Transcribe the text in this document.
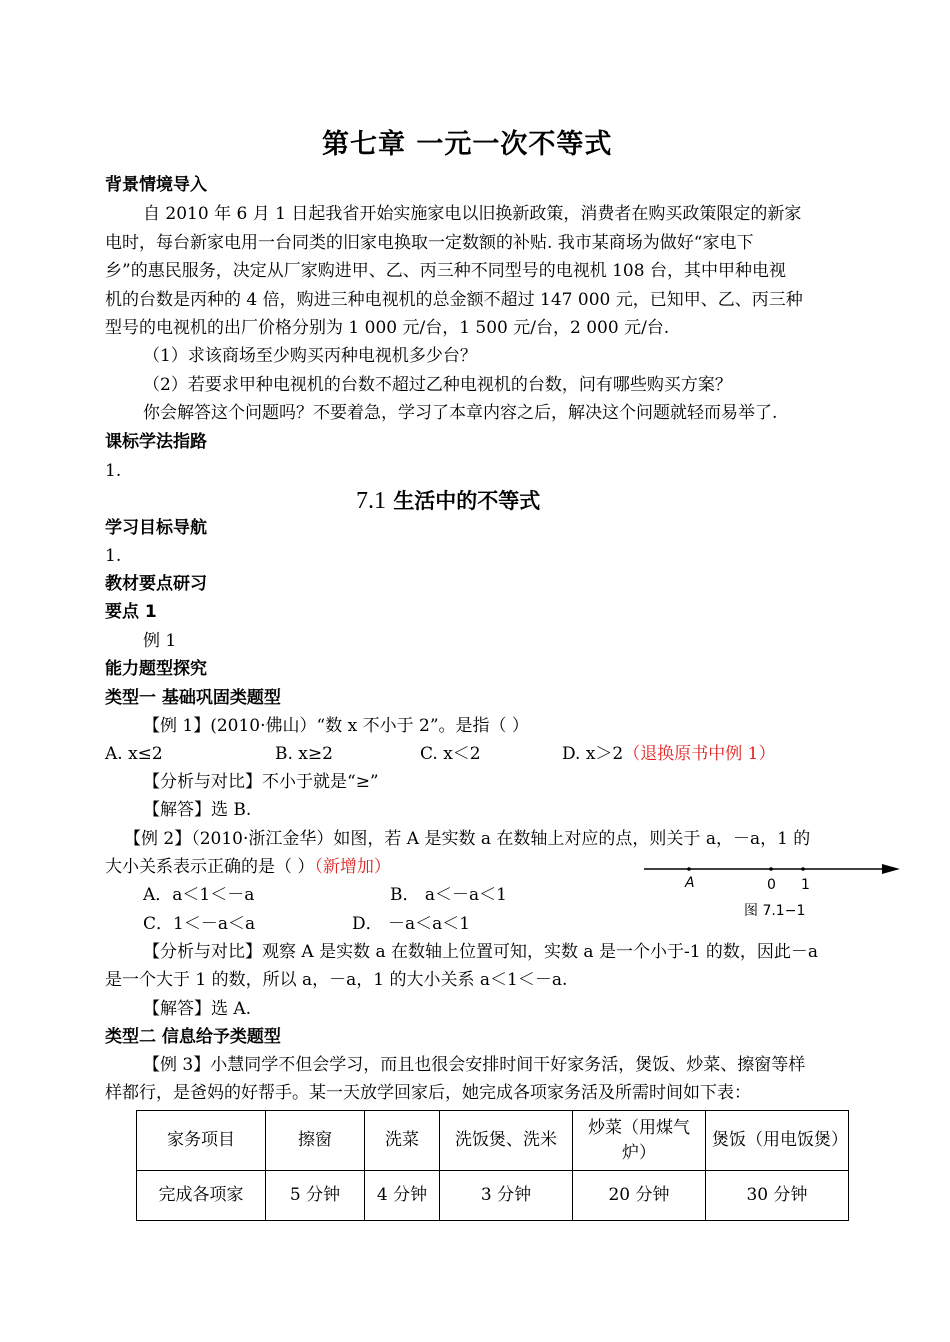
第七章 一元一次不等式
背景情境导入
自 2010 年 6 月 1 日起我省开始实施家电以旧换新政策，消费者在购买政策限定的新家
电时，每台新家电用一台同类的旧家电换取一定数额的补贴. 我市某商场为做好“家电下
乡”的惠民服务，决定从厂家购进甲、乙、丙三种不同型号的电视机 108 台，其中甲种电视
机的台数是丙种的 4 倍，购进三种电视机的总金额不超过 147 000 元，已知甲、乙、丙三种
型号的电视机的出厂价格分别为 1 000 元/台，1 500 元/台，2 000 元/台.
（1）求该商场至少购买丙种电视机多少台？
（2）若要求甲种电视机的台数不超过乙种电视机的台数，问有哪些购买方案？
你会解答这个问题吗？不要着急，学习了本章内容之后，解决这个问题就轻而易举了.
课标学法指路
1.
7.1 生活中的不等式
学习目标导航
1.
教材要点研习
要点 1
例 1
能力题型探究
类型一 基础巩固类题型
【例 1】(2010·佛山）“数 x 不小于 2”。是指（ ）
A. x≤2	B. x≥2	C. x＜2	D. x＞2（退换原书中例 1）
【分析与对比】不小于就是“≥”
【解答】选 B.
【例 2】（2010·浙江金华）如图，若 A 是实数 a 在数轴上对应的点，则关于 a，－a，1 的
大小关系表示正确的是（ ）（新增加）
A．a＜1＜－a	B． a＜－a＜1
C．1＜－a＜a	D． －a＜a＜1
A	0 1
图 7.1−1
【分析与对比】观察 A 是实数 a 在数轴上位置可知，实数 a 是一个小于-1 的数，因此－a
是一个大于 1 的数，所以 a，－a，1 的大小关系 a＜1＜－a.
【解答】选 A.
类型二 信息给予类题型
【例 3】小慧同学不但会学习，而且也很会安排时间干好家务活，煲饭、炒菜、擦窗等样
样都行，是爸妈的好帮手。某一天放学回家后，她完成各项家务活及所需时间如下表：
家务项目	擦窗	洗菜	洗饭煲、洗米	炒菜（用煤气炉）	煲饭（用电饭煲）
完成各项家	5 分钟	4 分钟	3 分钟	20 分钟	30 分钟
